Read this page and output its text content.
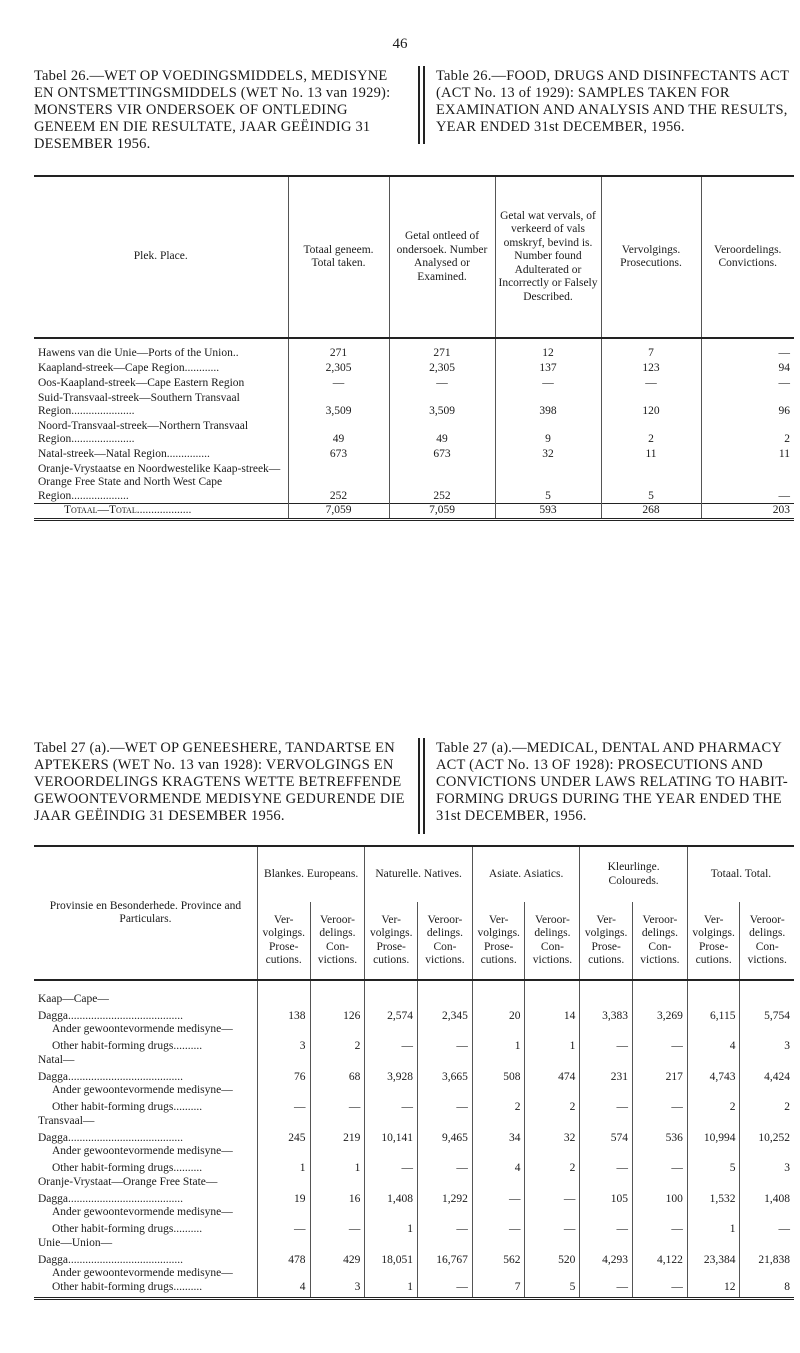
46
Tabel 26.—WET OP VOEDINGSMIDDELS, MEDISYNE EN ONTSMETTINGSMIDDELS (WET No. 13 van 1929): MONSTERS VIR ONDERSOEK OF ONTLEDING GENEEM EN DIE RESULTATE, JAAR GEËINDIG 31 DESEMBER 1956.
Table 26.—FOOD, DRUGS AND DISINFECTANTS ACT (ACT No. 13 of 1929): SAMPLES TAKEN FOR EXAMINATION AND ANALYSIS AND THE RESULTS, YEAR ENDED 31st DECEMBER, 1956.
Plek. Place.	Totaal geneem. Total taken.	Getal ontleed of ondersoek. Number Analysed or Examined.	Getal wat vervals, of verkeerd of vals omskryf, bevind is. Number found Adulterated or Incorrectly or Falsely Described.	Vervolgings. Prosecutions.	Veroordelings. Convictions.
Hawens van die Unie—Ports of the Union..	271	271	12	7	—
Kaapland-streek—Cape Region............	2,305	2,305	137	123	94
Oos-Kaapland-streek—Cape Eastern Region	—	—	—	—	—
Suid-Transvaal-streek—Southern Transvaal Region......................	3,509	3,509	398	120	96
Noord-Transvaal-streek—Northern Transvaal Region......................	49	49	9	2	2
Natal-streek—Natal Region...............	673	673	32	11	11
Oranje-Vrystaatse en Noordwestelike Kaap-streek—Orange Free State and North West Cape Region....................	252	252	5	5	—
Totaal—Total...................	7,059	7,059	593	268	203
Tabel 27 (a).—WET OP GENEESHERE, TANDARTSE EN APTEKERS (WET No. 13 van 1928): VERVOLGINGS EN VEROORDELINGS KRAGTENS WETTE BETREFFENDE GEWOONTEVORMENDE MEDISYNE GEDURENDE DIE JAAR GEËINDIG 31 DESEMBER 1956.
Table 27 (a).—MEDICAL, DENTAL AND PHARMACY ACT (ACT No. 13 OF 1928): PROSECUTIONS AND CONVICTIONS UNDER LAWS RELATING TO HABIT-FORMING DRUGS DURING THE YEAR ENDED THE 31st DECEMBER, 1956.
Provinsie en Besonderhede. Province and Particulars.	Blankes. Europeans.		Naturelle. Natives.		Asiate. Asiatics.		Kleurlinge. Coloureds.		Totaal. Total.	
	Ver- volgings. Prose- cutions.	Veroor- delings. Con- victions.	Ver- volgings. Prose- cutions.	Veroor- delings. Con- victions.	Ver- volgings. Prose- cutions.	Veroor- delings. Con- victions.	Ver- volgings. Prose- cutions.	Veroor- delings. Con- victions.	Ver- volgings. Prose- cutions.	Veroor- delings. Con- victions.
Kaap—Cape—										
Dagga........................................	138	126	2,574	2,345	20	14	3,383	3,269	6,115	5,754
Ander gewoontevormende medisyne—										
Other habit-forming drugs..........	3	2	—	—	1	1	—	—	4	3
Natal—										
Dagga........................................	76	68	3,928	3,665	508	474	231	217	4,743	4,424
Ander gewoontevormende medisyne—										
Other habit-forming drugs..........	—	—	—	—	2	2	—	—	2	2
Transvaal—										
Dagga........................................	245	219	10,141	9,465	34	32	574	536	10,994	10,252
Ander gewoontevormende medisyne—										
Other habit-forming drugs..........	1	1	—	—	4	2	—	—	5	3
Oranje-Vrystaat—Orange Free State—										
Dagga........................................	19	16	1,408	1,292	—	—	105	100	1,532	1,408
Ander gewoontevormende medisyne—										
Other habit-forming drugs..........	—	—	1	—	—	—	—	—	1	—
Unie—Union—										
Dagga........................................	478	429	18,051	16,767	562	520	4,293	4,122	23,384	21,838
Ander gewoontevormende medisyne—										
Other habit-forming drugs..........	4	3	1	—	7	5	—	—	12	8
